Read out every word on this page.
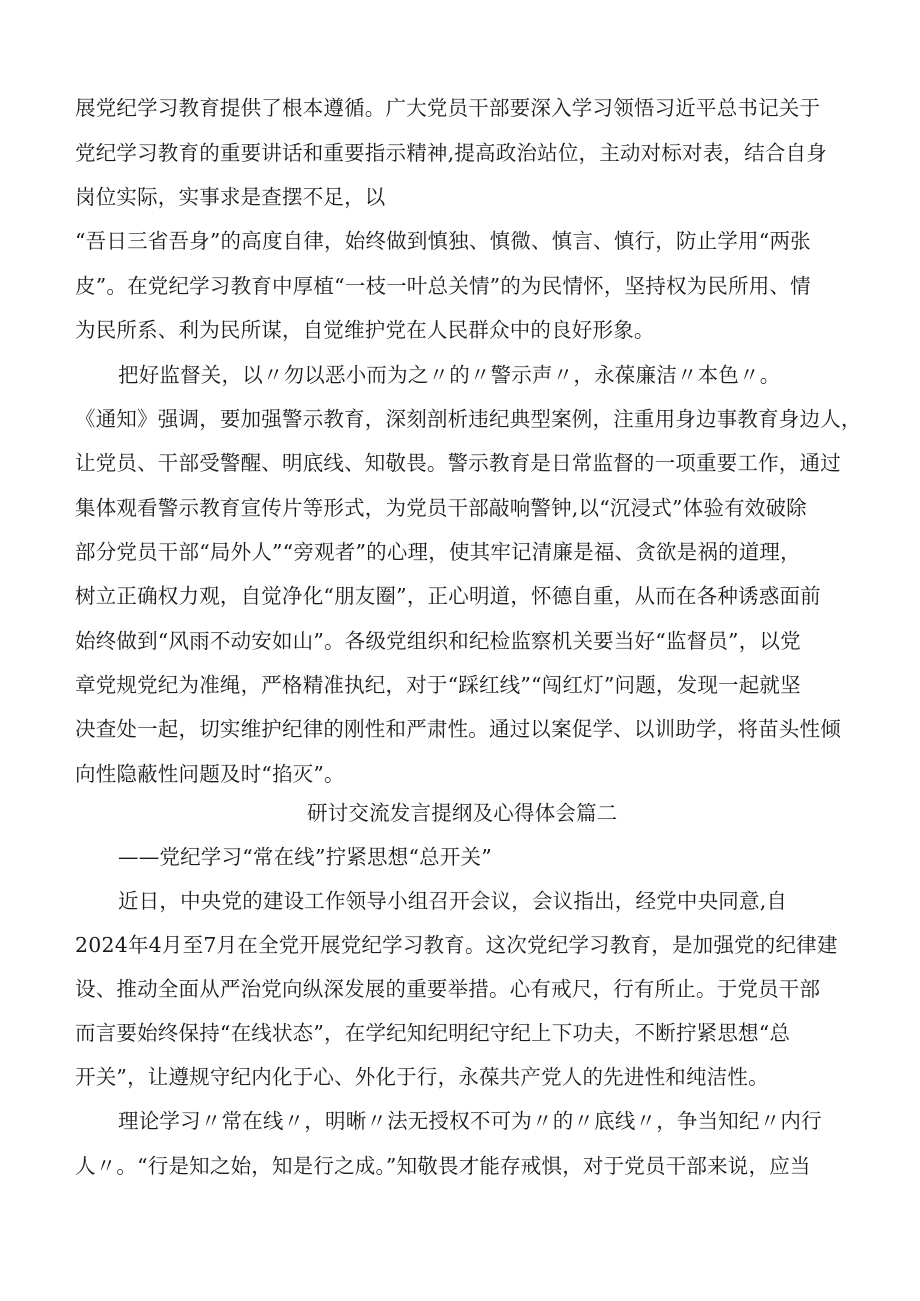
展党纪学习教育提供了根本遵循。广大党员干部要深入学习领悟习近平总书记关于
党纪学习教育的重要讲话和重要指示精神,提高政治站位，主动对标对表，结合自身
岗位实际，实事求是查摆不足，以
“吾日三省吾身”的高度自律，始终做到慎独、慎微、慎言、慎行，防止学用“两张
皮”。在党纪学习教育中厚植“一枝一叶总关情”的为民情怀，坚持权为民所用、情
为民所系、利为民所谋，自觉维护党在人民群众中的良好形象。
把好监督关，以〃勿以恶小而为之〃的〃警示声〃，永葆廉洁〃本色〃。
《通知》强调，要加强警示教育，深刻剖析违纪典型案例，注重用身边事教育身边人，
让党员、干部受警醒、明底线、知敬畏。警示教育是日常监督的一项重要工作，通过
集体观看警示教育宣传片等形式，为党员干部敲响警钟,以“沉浸式”体验有效破除
部分党员干部“局外人”“旁观者”的心理，使其牢记清廉是福、贪欲是祸的道理，
树立正确权力观，自觉净化“朋友圈”，正心明道，怀德自重，从而在各种诱惑面前
始终做到“风雨不动安如山”。各级党组织和纪检监察机关要当好“监督员”，以党
章党规党纪为准绳，严格精准执纪，对于“踩红线”“闯红灯”问题，发现一起就坚
决查处一起，切实维护纪律的刚性和严肃性。通过以案促学、以训助学，将苗头性倾
向性隐蔽性问题及时“掐灭”。
研讨交流发言提纲及心得体会篇二
——党纪学习“常在线”拧紧思想“总开关”
近日，中央党的建设工作领导小组召开会议，会议指出，经党中央同意,自
2024年4月至7月在全党开展党纪学习教育。这次党纪学习教育，是加强党的纪律建
设、推动全面从严治党向纵深发展的重要举措。心有戒尺，行有所止。于党员干部
而言要始终保持“在线状态”，在学纪知纪明纪守纪上下功夫，不断拧紧思想“总
开关”，让遵规守纪内化于心、外化于行，永葆共产党人的先进性和纯洁性。
理论学习〃常在线〃，明晰〃法无授权不可为〃的〃底线〃，争当知纪〃内行
人〃。“行是知之始，知是行之成。”知敬畏才能存戒惧，对于党员干部来说，应当
